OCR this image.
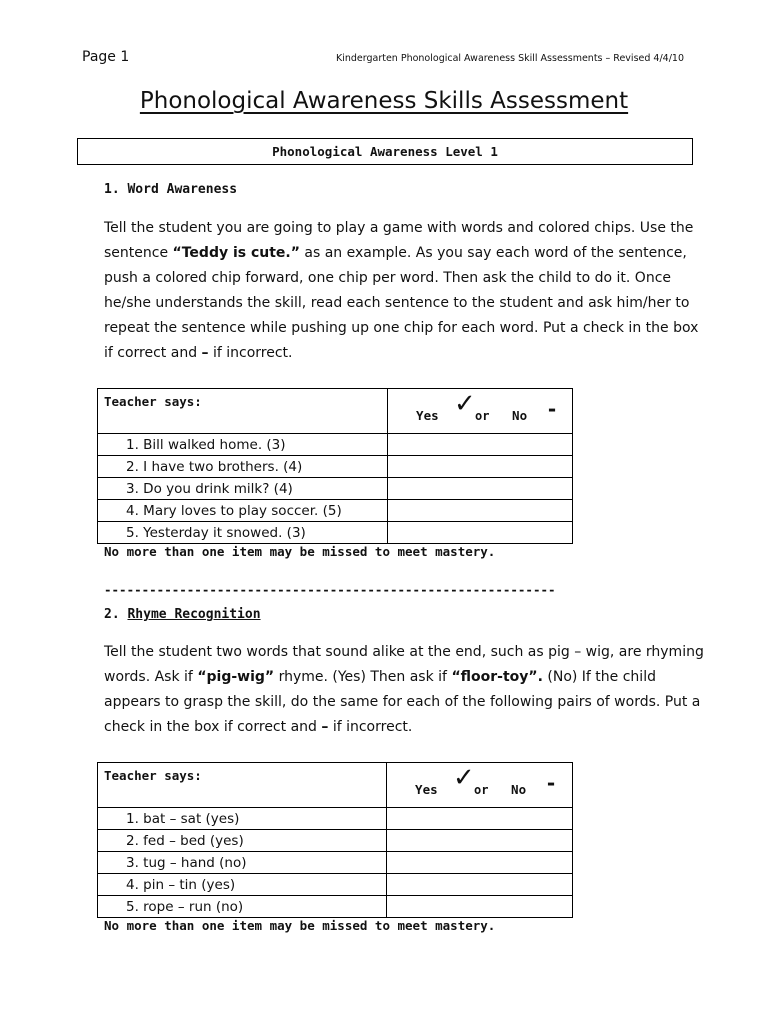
Page 1	Kindergarten Phonological Awareness Skill Assessments – Revised 4/4/10
Phonological Awareness Skills Assessment
Phonological Awareness Level 1
1. Word Awareness
Tell the student you are going to play a game with words and colored chips. Use the sentence “Teddy is cute.” as an example. As you say each word of the sentence, push a colored chip forward, one chip per word. Then ask the child to do it. Once he/she understands the skill, read each sentence to the student and ask him/her to repeat the sentence while pushing up one chip for each word. Put a check in the box if correct and – if incorrect.
Teacher says:	Yes ✓ or No -

1. Bill walked home. (3)	
2. I have two brothers. (4)	
3. Do you drink milk? (4)	
4. Mary loves to play soccer. (5)	
5. Yesterday it snowed. (3)	
No more than one item may be missed to meet mastery.
------------------------------------------------------------
2. Rhyme Recognition
Tell the student two words that sound alike at the end, such as pig – wig, are rhyming words. Ask if “pig-wig” rhyme. (Yes) Then ask if “floor-toy”. (No) If the child appears to grasp the skill, do the same for each of the following pairs of words. Put a check in the box if correct and – if incorrect.
Teacher says:	Yes ✓ or No -

1. bat – sat (yes)	
2. fed – bed (yes)	
3. tug – hand (no)	
4. pin – tin (yes)	
5. rope – run (no)	
No more than one item may be missed to meet mastery.
